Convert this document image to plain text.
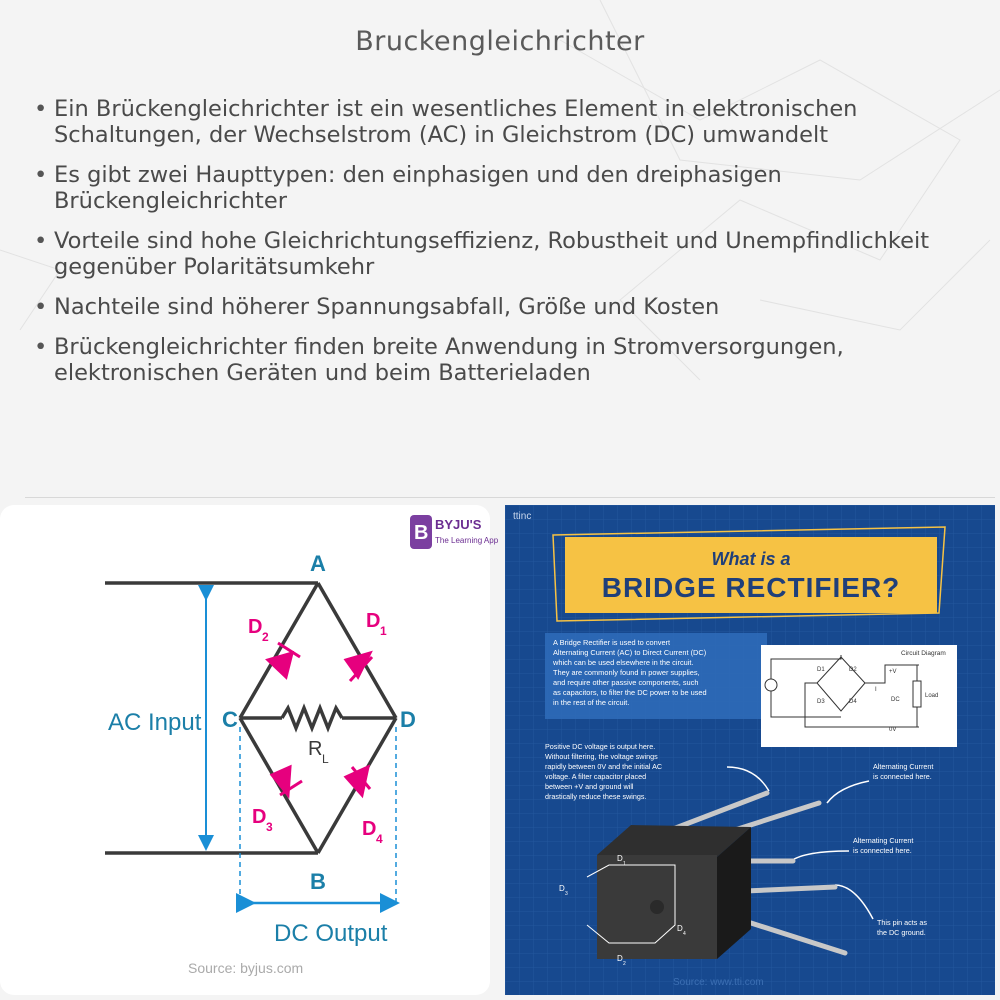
Bruckengleichrichter
• Ein Brückengleichrichter ist ein wesentliches Element in elektronischen Schaltungen, der Wechselstrom (AC) in Gleichstrom (DC) umwandelt
• Es gibt zwei Haupttypen: den einphasigen und den dreiphasigen Brückengleichrichter
• Vorteile sind hohe Gleichrichtungseffizienz, Robustheit und Unempfindlichkeit gegenüber Polaritätsumkehr
• Nachteile sind höherer Spannungsabfall, Größe und Kosten
• Brückengleichrichter finden breite Anwendung in Stromversorgungen, elektronischen Geräten und beim Batterieladen
B BYJU'S
The Learning App
A
B
C	D
D 2
D 1
D 3	D 4
R L
AC Input
DC Output
Source: byjus.com
ttinc
What is a
BRIDGE RECTIFIER?
A Bridge Rectifier is used to convert
Alternating Current (AC) to Direct Current (DC)
which can be used elsewhere in the circuit.
They are commonly found in power supplies,
and require other passive components, such
as capacitors, to filter the DC power to be used
in the rest of the circuit.
Circuit Diagram
D1	D2
D3	D4
+V
DC
0V
Load
I
Positive DC voltage is output here.
Without filtering, the voltage swings
rapidly between 0V and the initial AC
voltage. A filter capacitor placed
between +V and ground will
drastically reduce these swings.
Alternating Current
is connected here.
Alternating Current
is connected here.
This pin acts as
the DC ground.
D
1
D
2
D
3
D
4
Source: www.tti.com
